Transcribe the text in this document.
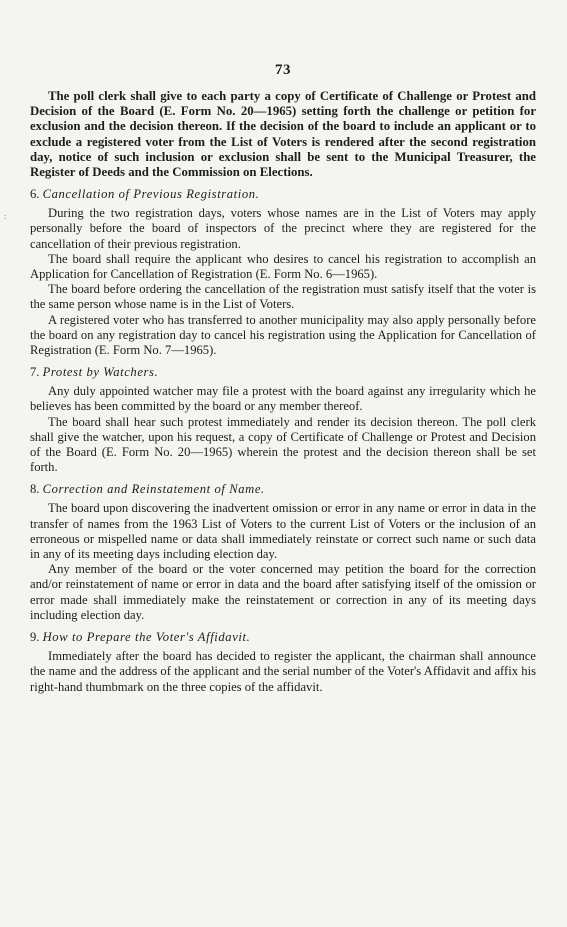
:
73

The poll clerk shall give to each party a copy of Certificate of Challenge or Protest and Decision of the Board (E. Form No. 20—1965) setting forth the challenge or petition for exclusion and the decision thereon. If the decision of the board to include an applicant or to exclude a registered voter from the List of Voters is rendered after the second registration day, notice of such inclusion or exclusion shall be sent to the Municipal Treasurer, the Register of Deeds and the Commission on Elections.

6. Cancellation of Previous Registration.

During the two registration days, voters whose names are in the List of Voters may apply personally before the board of inspectors of the precinct where they are registered for the cancellation of their previous registration.

The board shall require the applicant who desires to cancel his registration to accomplish an Application for Cancellation of Registration (E. Form No. 6—1965).

The board before ordering the cancellation of the registration must satisfy itself that the voter is the same person whose name is in the List of Voters.

A registered voter who has transferred to another municipality may also apply personally before the board on any registration day to cancel his registration using the Application for Cancellation of Registration (E. Form No. 7—1965).

7. Protest by Watchers.

Any duly appointed watcher may file a protest with the board against any irregularity which he believes has been committed by the board or any member thereof.

The board shall hear such protest immediately and render its decision thereon. The poll clerk shall give the watcher, upon his request, a copy of Certificate of Challenge or Protest and Decision of the Board (E. Form No. 20—1965) wherein the protest and the decision thereon shall be set forth.

8. Correction and Reinstatement of Name.

The board upon discovering the inadvertent omission or error in any name or error in data in the transfer of names from the 1963 List of Voters to the current List of Voters or the inclusion of an erroneous or mispelled name or data shall immediately reinstate or correct such name or such data in any of its meeting days including election day.

Any member of the board or the voter concerned may petition the board for the correction and/or reinstatement of name or error in data and the board after satisfying itself of the omission or error made shall immediately make the reinstatement or correction in any of its meeting days including election day.

9. How to Prepare the Voter's Affidavit.

Immediately after the board has decided to register the applicant, the chairman shall announce the name and the address of the applicant and the serial number of the Voter's Affidavit and affix his right-hand thumbmark on the three copies of the affidavit.
